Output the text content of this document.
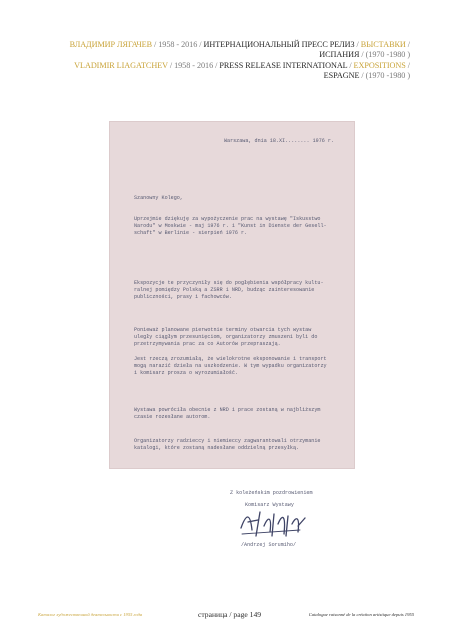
ВЛАДИМИР ЛЯГАЧЕВ / 1958 - 2016 / ИНТЕРНАЦИОНАЛЬНЫЙ ПРЕСС РЕЛИЗ / ВЫСТАВКИ /
ИСПАНИЯ / (1970 -1980 )
VLADIMIR LIAGATCHEV / 1958 - 2016 / PRESS RELEASE INTERNATIONAL / EXPOSITIONS /
ESPAGNE / (1970 -1980 )
Warszawa, dnia 18.XI........ 1976 r.
Szanowny Kolego,
Uprzejmie dziękuję za wypożyczenie prac na wystawę "Iskusstwo
Narodu" w Moskwie - maj 1976 r. i "Kunst in Dienste der Gesell-
schaft" w Berlinie - sierpień 1976 r.
Ekspozycje te przyczyniły się do pogłębienia współpracy kultu-
ralnej pomiędzy Polską a ZSRR i NRD, budząc zainteresowanie
publiczności, prasy i fachowców.
Ponieważ planowane pierwotnie terminy otwarcia tych wystaw
uległy ciągłym przesunięciom, organizatorzy zmuszeni byli do
przetrzymywania prac za co Autorów przepraszają.
Jest rzeczą zrozumiałą, że wielokrotne eksponowanie i transport
mogą narazić dzieła na uszkodzenie. W tym wypadku organizatorzy
i komisarz prosza o wyrozumiałość.
Wystawa powróciła obecnie z NRD i prace zostaną w najbliższym
czasie rozesłane autorom.
Organizatorzy radzieccy i niemieccy zagwarantowali otrzymanie
katalogi, które zostaną nadesłane oddzielną przesyłką.
Z koleżeńskim pozdrowieniem
Komisarz Wystawy
/Andrzej Sorumiho/
Каталог художественной деятельности с 1955 года	страница / page 149	Catalogue raisonné de la création artistique depuis 1955
